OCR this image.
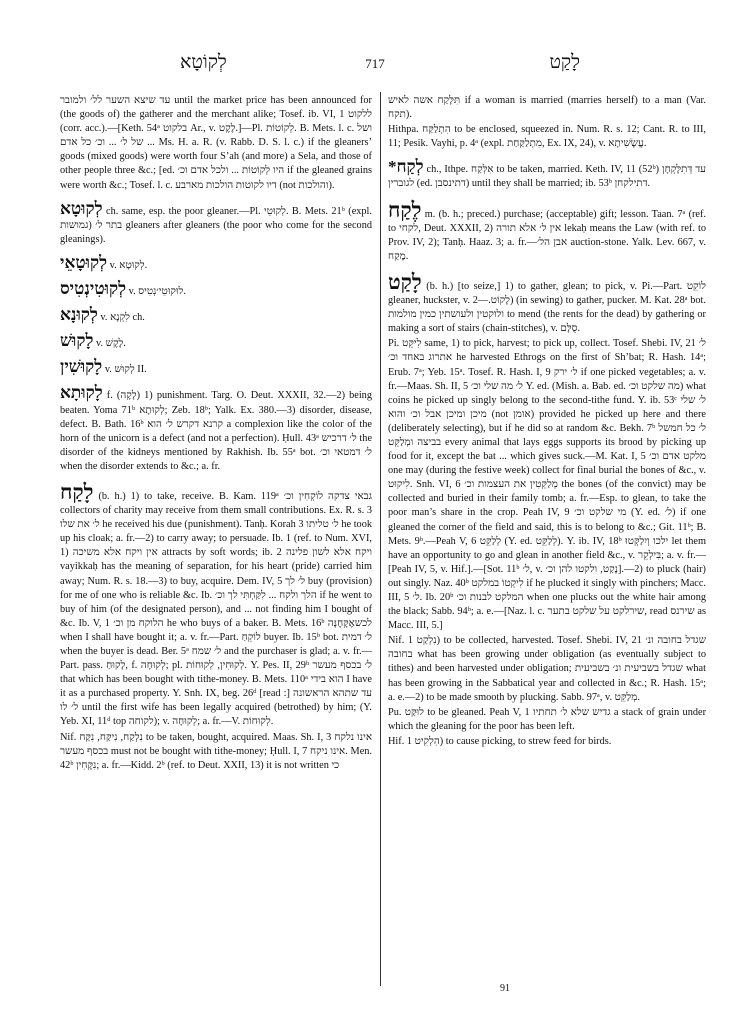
לְקוֹטָא	717	לָקַט

עד שיצא השער לל׳ ולמובר until the market price has been announced for (the goods of) the gatherer and the merchant alike; Tosef. ib. VI, 1 ללקוט (corr. acc.).—[Keth. 54ᵃ בלקוט Ar., v. לֶקֶט.]—Pl. לְקוֹטוֹת. B. Mets. l. c. ושל ... של ל׳ ... וכ׳ כל אדם Ms. H. a. R. (v. Rabb. D. S. l. c.) if the gleaners’ goods (mixed goods) were worth four S’ah (and more) a Sela, and those of other people three &c.; [ed. היו לְקוֹטוֹת ... ולכל אדם וכ׳ if the gleaned grains were worth &c.; Tosef. l. c. דיו לקוטות הולכות מארבע (not והולכות).

לְקוּטָא ch. same, esp. the poor gleaner.—Pl. לְקוּטֵי. B. Mets. 21ᵇ (expl. גמושות) בתר ל׳ gleaners after gleaners (the poor who come for the second gleanings).

לְקוּטָאֵי v. לְקוּטָא.

לְקוּטִינְטִיס v. לוּקוּטֵי׳נְטִיס.

לְקוּנָא v. לִקְנָא ch.

לָקוּשׁ v. לֶקֶשׁ.

לָקוּשִׁין v. לְקוּשׁ II.

לָקוּתָא f. (לָקָה) 1) punishment. Targ. O. Deut. XXXII, 32.—2) being beaten. Yoma 71ᵇ לְקוּתָא; Zeb. 18ᵇ; Yalk. Ex. 380.—3) disorder, disease, defect. B. Bath. 16ᵇ קרנא דקרש ל׳ הוא a complexion like the color of the horn of the unicorn is a defect (and not a perfection). Ḥull. 43ᵃ ל׳ דרכיש the disorder of the kidneys mentioned by Rakhish. Ib. 55ᵃ bot. ל׳ דמטאי וכ׳ when the disorder extends to &c.; a. fr.

לָקַח (b. h.) 1) to take, receive. B. Kam. 119ᵃ גבאי צדקה לוֹקְחִין וכ׳ collectors of charity may receive from them small contributions. Ex. R. s. 3 ל׳ את שלו he received his due (punishment). Tanḥ. Korah 3 ל׳ טליתו he took up his cloak; a. fr.—2) to carry away; to persuade. Ib. 1 (ref. to Num. XVI, 1) אין ויקח אלא משיכה attracts by soft words; ib. 2 ויקח אלא לשון פלינה vayikkaḥ has the meaning of separation, for his heart (pride) carried him away; Num. R. s. 18.—3) to buy, acquire. Dem. IV, 5 ל׳ לך buy (provision) for me of one who is reliable &c. Ib. הלך ולקח ... לִקַּחְתִּי לך וכ׳ if he went to buy of him (of the designated person), and ... not finding him I bought of &c. Ib. V, 1 הלוקח מן וכ׳ he who buys of a baker. B. Mets. 16ᵇ לכשאֶקָּחֶנָּה when I shall have bought it; a. v. fr.—Part. לוֹקֵחַ buyer. Ib. 15ᵇ bot. ל׳ דמית when the buyer is dead. Ber. 5ᵃ ל׳ שמח and the purchaser is glad; a. v. fr.—Part. pass. לָקוּחַ, f. לְקוּחָה; pl. לְקוּחִין, לְקוּחוֹת. Y. Pes. II, 29ᵇ ל׳ בכסף מעשר that which has been bought with tithe-money. B. Mets. 110ᵃ הוא בידי I have it as a purchased property. Y. Snh. IX, beg. 26ᵈ [read :] עד שתהא הראשונה ל׳ לו until the first wife has been legally acquired (betrothed) by him; (Y. Yeb. XI, 11ᵈ top לקוחה); v. לְקוּחָה; a. fr.—V. לְקוּחוֹת.

Nif. נִלְקַח, נִיקַּח, נִקַּח to be taken, bought, acquired. Maas. Sh. I, 3 אינו נלקח בכסף מעשר must not be bought with tithe-money; Ḥull. I, 7 אינו ניקח. Men. 42ᵇ נִקָּחִין; a. fr.—Kidd. 2ᵇ (ref. to Deut. XXII, 13) it is not written כי

תִּלָּקַח אשה לאיש if a woman is married (marries herself) to a man (Var. תקח).

Hithpa. הִתְלַקַּח to be enclosed, squeezed in. Num. R. s. 12; Cant. R. to III, 11; Pesik. Vayhi, p. 4ᵃ (expl. מִתְלַקַּחַת, Ex. IX, 24), v. עֲשָׂשִׁיתָא.

*לְקַח ch., Ithpe. אִלְּקַח to be taken, married. Keth. IV, 11 (52ᵇ) עד דְּתִלָּקְחָן לגוברין (ed. דתינסבן) until they shall be married; ib. 53ᵇ דתילקחן.

לֶקַח m. (b. h.; preced.) purchase; (acceptable) gift; lesson. Taan. 7ᵃ (ref. to לקחי, Deut. XXXII, 2) אין ל׳ אלא תורה lekaḥ means the Law (with ref. to Prov. IV, 2); Tanḥ. Haaz. 3; a. fr.—אבן הל׳ auction-stone. Yalk. Lev. 667, v. מֶקַח.

לָקַט (b. h.) [to seize,] 1) to gather, glean; to pick, v. Pi.—Part. לוֹקֵט gleaner, huckster, v. לָקוֹט.—2) (in sewing) to gather, pucker. M. Kat. 28ᵃ bot. ולוקטין ולעושתין כמין מולמות to mend (the rents for the dead) by gathering or making a sort of stairs (chain-stitches), v. סֻלָּם.

Pi. לִיקֵּט same, 1) to pick, harvest; to pick up, collect. Tosef. Shebi. IV, 21 ל׳ אתרוג באחד וכ׳ he harvested Ethrogs on the first of Sh’bat; R. Hash. 14ᵃ; Erub. 7ᵃ; Yeb. 15ᵃ. Tosef. R. Hash. I, 9 ל׳ ירק if one picked vegetables; a. v. fr.—Maas. Sh. II, 5 ל׳ מה שלי וכ׳ Y. ed. (Mish. a. Bab. ed. מה שלקט וכ׳) what coins he picked up singly belong to the second-tithe fund. Y. ib. 53ᶜ ל׳ שלי מיכן ומיכן אבל וכ׳ והוא (not אומן) provided he picked up here and there (deliberately selecting), but if he did so at random &c. Bekh. 7ᵇ ל׳ כל חמשל בביצה ומְלַקֵּט every animal that lays eggs supports its brood by picking up food for it, except the bat ... which gives suck.—M. Kat. I, 5 מלקט אדם וכ׳ one may (during the festive week) collect for final burial the bones of &c., v. לִיקוּט. Snh. VI, 6 מְלַקְּטִין את העצמות וכ׳ the bones (of the convict) may be collected and buried in their family tomb; a. fr.—Esp. to glean, to take the poor man’s share in the crop. Peah IV, 9 מי שלקט וכ׳ (Y. ed. ל׳) if one gleaned the corner of the field and said, this is to belong to &c.; Git. 11ᵇ; B. Mets. 9ᵇ.—Peah V, 6 לְלַקֵּט (Y. ed. לְלַקֵּט). Y. ib. IV, 18ᵇ ילכו וְיִלַקְּטוּ let them have an opportunity to go and glean in another field &c., v. בִּילְקֵר; a. v. fr.—[Peah IV, 5, v. Hif.].—[Sot. 11ᵇ ל׳, v. נָקַט, ולקטו להן וכ׳].—2) to pluck (hair) out singly. Naz. 40ᵇ לִיקְטוֹ במלקט if he plucked it singly with pinchers; Macc. III, 5 ל׳. Ib. 20ᵇ המלקט לבנות וכ׳ when one plucks out the white hair among the black; Sabb. 94ᵇ; a. e.—[Naz. l. c. שירלקט על שלקט בתער, read שירנס as Macc. III, 5.]

Nif. נִלְקַט 1) to be collected, harvested. Tosef. Shebi. IV, 21 שגדל בחובה ונ׳ בחובה what has been growing under obligation (as eventually subject to tithes) and been harvested under obligation; שגדל בשביעית ונ׳ בשביעית what has been growing in the Sabbatical year and collected in &c.; R. Hash. 15ᵃ; a. e.—2) to be made smooth by plucking. Sabb. 97ᵃ, v. מְלַקֵּט.

Pu. לוּקַּט to be gleaned. Peah V, 1 גדיש שלא ל׳ תחתיו a stack of grain under which the gleaning for the poor has been left.

Hif. הִלְקִיט 1) to cause picking, to strew feed for birds.

91
